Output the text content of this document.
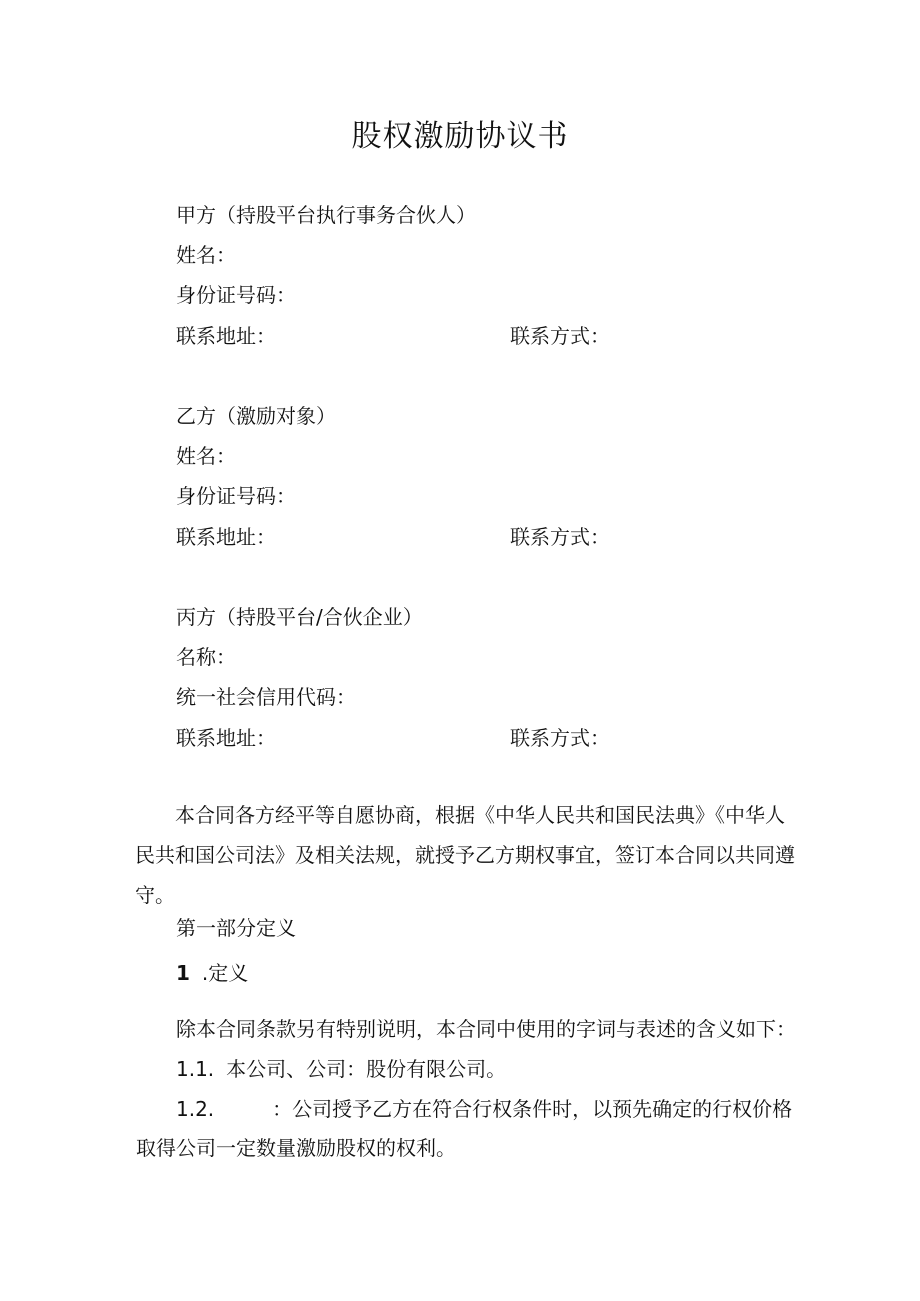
股权激励协议书
甲方（持股平台执行事务合伙人）
姓名：
身份证号码：
联系地址：	联系方式：
乙方（激励对象）
姓名：
身份证号码：
联系地址：	联系方式：
丙方（持股平台/合伙企业）
名称：
统一社会信用代码：
联系地址：	联系方式：
本合同各方经平等自愿协商，根据《中华人民共和国民法典》《中华人民共和国公司法》及相关法规，就授予乙方期权事宜，签订本合同以共同遵守。
第一部分定义
1 .定义
除本合同条款另有特别说明，本合同中使用的字词与表述的含义如下：
1.1. 本公司、公司：股份有限公司。
1.2.	：公司授予乙方在符合行权条件时，以预先确定的行权价格
取得公司一定数量激励股权的权利。
